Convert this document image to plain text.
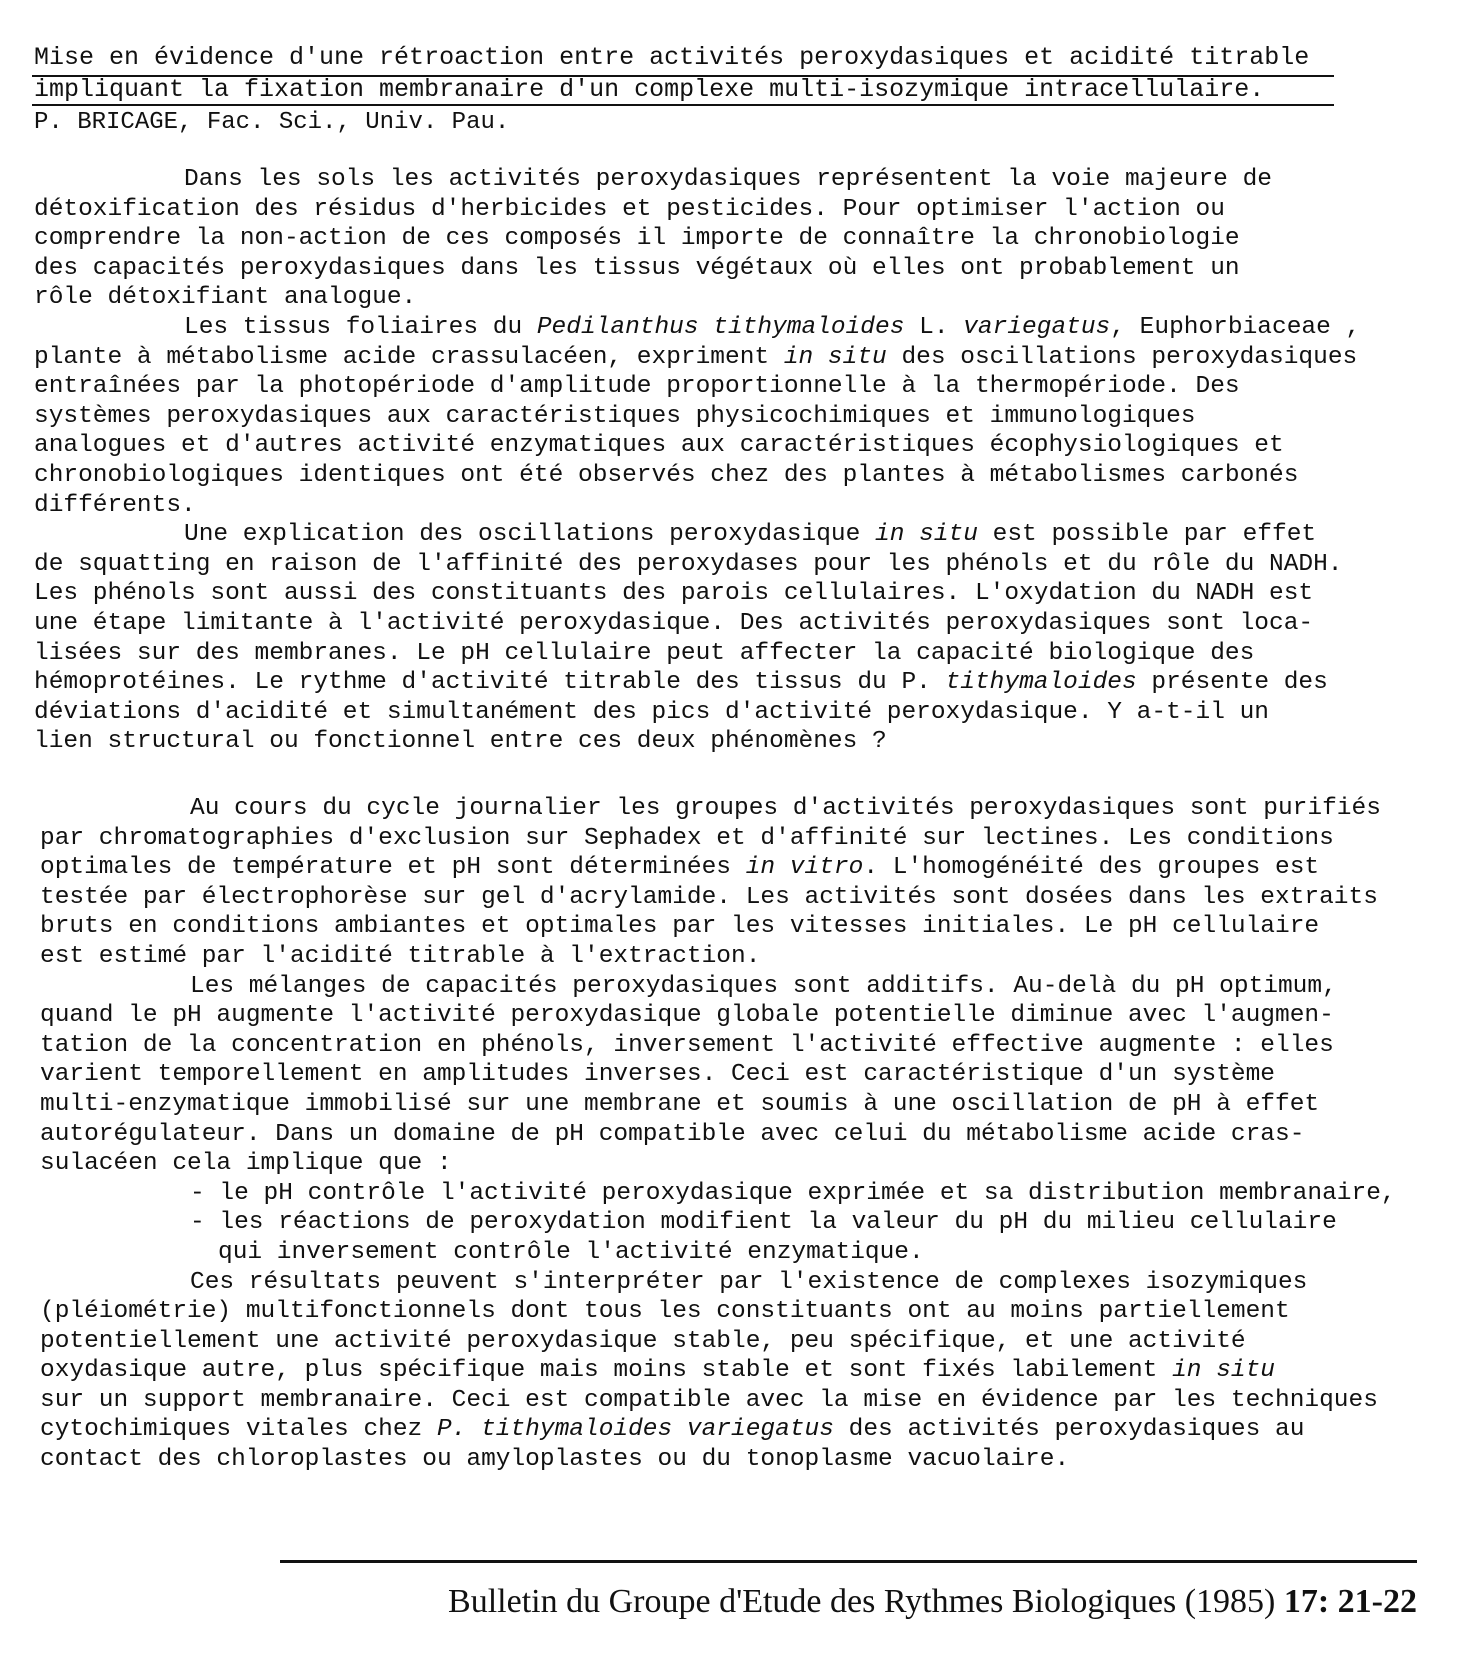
Mise en évidence d'une rétroaction entre activités peroxydasiques et acidité titrable
impliquant la fixation membranaire d'un complexe multi-isozymique intracellulaire.
P. BRICAGE, Fac. Sci., Univ. Pau.
Dans les sols les activités peroxydasiques représentent la voie majeure de
détoxification des résidus d'herbicides et pesticides. Pour optimiser l'action ou
comprendre la non-action de ces composés il importe de connaître la chronobiologie
des capacités peroxydasiques dans les tissus végétaux où elles ont probablement un
rôle détoxifiant analogue.
Les tissus foliaires du Pedilanthus tithymaloides L. variegatus, Euphorbiaceae ,
plante à métabolisme acide crassulacéen, expriment in situ des oscillations peroxydasiques
entraînées par la photopériode d'amplitude proportionnelle à la thermopériode. Des
systèmes peroxydasiques aux caractéristiques physicochimiques et immunologiques
analogues et d'autres activité enzymatiques aux caractéristiques écophysiologiques et
chronobiologiques identiques ont été observés chez des plantes à métabolismes carbonés
différents.
Une explication des oscillations peroxydasique in situ est possible par effet
de squatting en raison de l'affinité des peroxydases pour les phénols et du rôle du NADH.
Les phénols sont aussi des constituants des parois cellulaires. L'oxydation du NADH est
une étape limitante à l'activité peroxydasique. Des activités peroxydasiques sont loca-
lisées sur des membranes. Le pH cellulaire peut affecter la capacité biologique des
hémoprotéines. Le rythme d'activité titrable des tissus du P. tithymaloides présente des
déviations d'acidité et simultanément des pics d'activité peroxydasique. Y a-t-il un
lien structural ou fonctionnel entre ces deux phénomènes ?
Au cours du cycle journalier les groupes d'activités peroxydasiques sont purifiés
par chromatographies d'exclusion sur Sephadex et d'affinité sur lectines. Les conditions
optimales de température et pH sont déterminées in vitro. L'homogénéité des groupes est
testée par électrophorèse sur gel d'acrylamide. Les activités sont dosées dans les extraits
bruts en conditions ambiantes et optimales par les vitesses initiales. Le pH cellulaire
est estimé par l'acidité titrable à l'extraction.
Les mélanges de capacités peroxydasiques sont additifs. Au-delà du pH optimum,
quand le pH augmente l'activité peroxydasique globale potentielle diminue avec l'augmen-
tation de la concentration en phénols, inversement l'activité effective augmente : elles
varient temporellement en amplitudes inverses. Ceci est caractéristique d'un système
multi-enzymatique immobilisé sur une membrane et soumis à une oscillation de pH à effet
autorégulateur. Dans un domaine de pH compatible avec celui du métabolisme acide cras-
sulacéen cela implique que :
- le pH contrôle l'activité peroxydasique exprimée et sa distribution membranaire,
- les réactions de peroxydation modifient la valeur du pH du milieu cellulaire
qui inversement contrôle l'activité enzymatique.
Ces résultats peuvent s'interpréter par l'existence de complexes isozymiques
(pléiométrie) multifonctionnels dont tous les constituants ont au moins partiellement
potentiellement une activité peroxydasique stable, peu spécifique, et une activité
oxydasique autre, plus spécifique mais moins stable et sont fixés labilement in situ
sur un support membranaire. Ceci est compatible avec la mise en évidence par les techniques
cytochimiques vitales chez P. tithymaloides variegatus des activités peroxydasiques au
contact des chloroplastes ou amyloplastes ou du tonoplasme vacuolaire.
Bulletin du Groupe d'Etude des Rythmes Biologiques (1985) 17: 21-22
